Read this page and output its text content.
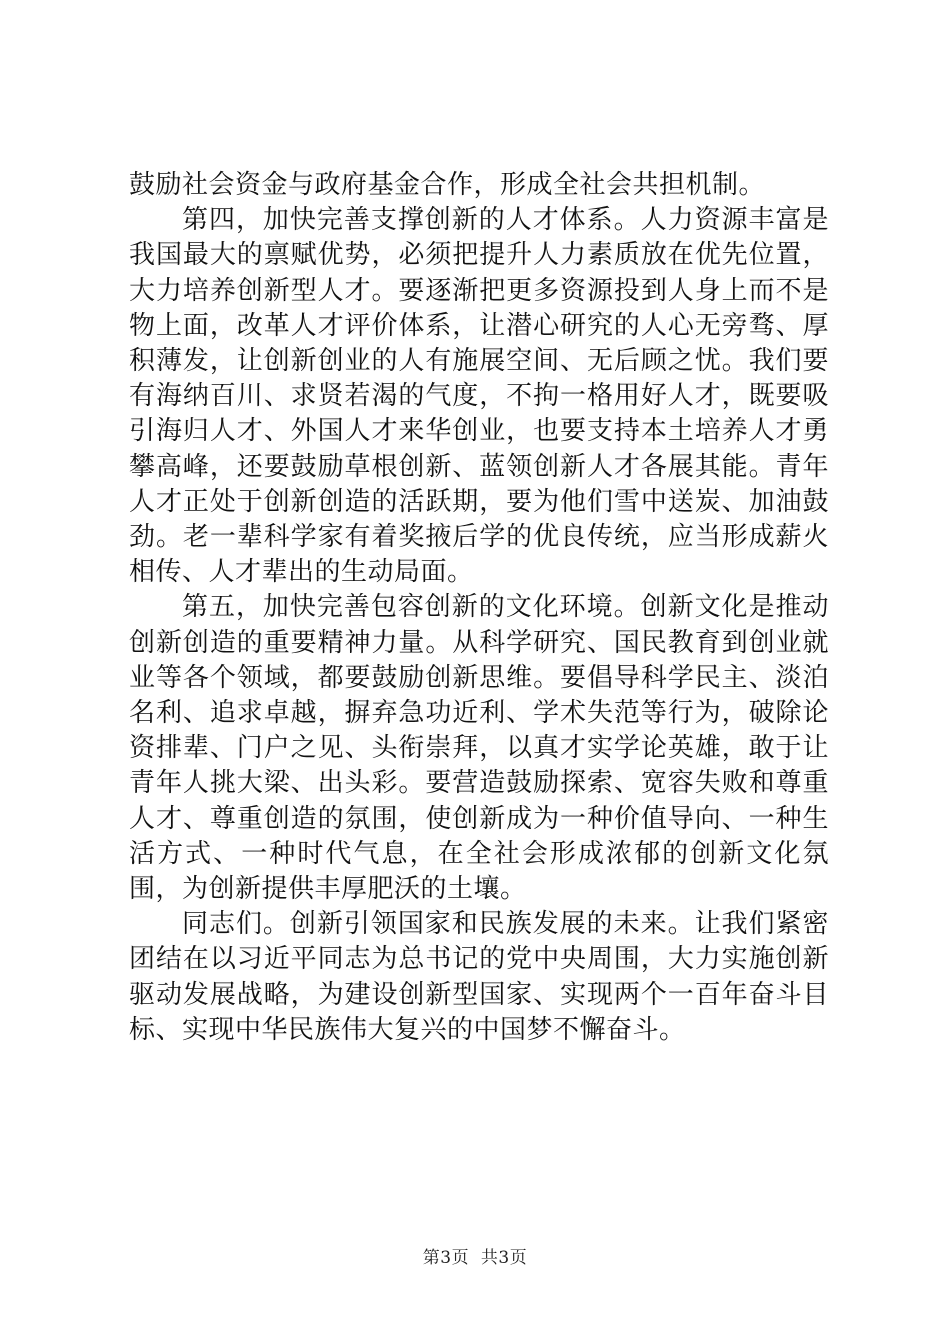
鼓励社会资金与政府基金合作，形成全社会共担机制。

第四，加快完善支撑创新的人才体系。人力资源丰富是我国最大的禀赋优势，必须把提升人力素质放在优先位置，大力培养创新型人才。要逐渐把更多资源投到人身上而不是物上面，改革人才评价体系，让潜心研究的人心无旁骛、厚积薄发，让创新创业的人有施展空间、无后顾之忧。我们要有海纳百川、求贤若渴的气度，不拘一格用好人才，既要吸引海归人才、外国人才来华创业，也要支持本土培养人才勇攀高峰，还要鼓励草根创新、蓝领创新人才各展其能。青年人才正处于创新创造的活跃期，要为他们雪中送炭、加油鼓劲。老一辈科学家有着奖掖后学的优良传统，应当形成薪火相传、人才辈出的生动局面。

第五，加快完善包容创新的文化环境。创新文化是推动创新创造的重要精神力量。从科学研究、国民教育到创业就业等各个领域，都要鼓励创新思维。要倡导科学民主、淡泊名利、追求卓越，摒弃急功近利、学术失范等行为，破除论资排辈、门户之见、头衔崇拜，以真才实学论英雄，敢于让青年人挑大梁、出头彩。要营造鼓励探索、宽容失败和尊重人才、尊重创造的氛围，使创新成为一种价值导向、一种生活方式、一种时代气息，在全社会形成浓郁的创新文化氛围，为创新提供丰厚肥沃的土壤。

同志们。创新引领国家和民族发展的未来。让我们紧密团结在以习近平同志为总书记的党中央周围，大力实施创新驱动发展战略，为建设创新型国家、实现两个一百年奋斗目标、实现中华民族伟大复兴的中国梦不懈奋斗。

第3页  共3页
